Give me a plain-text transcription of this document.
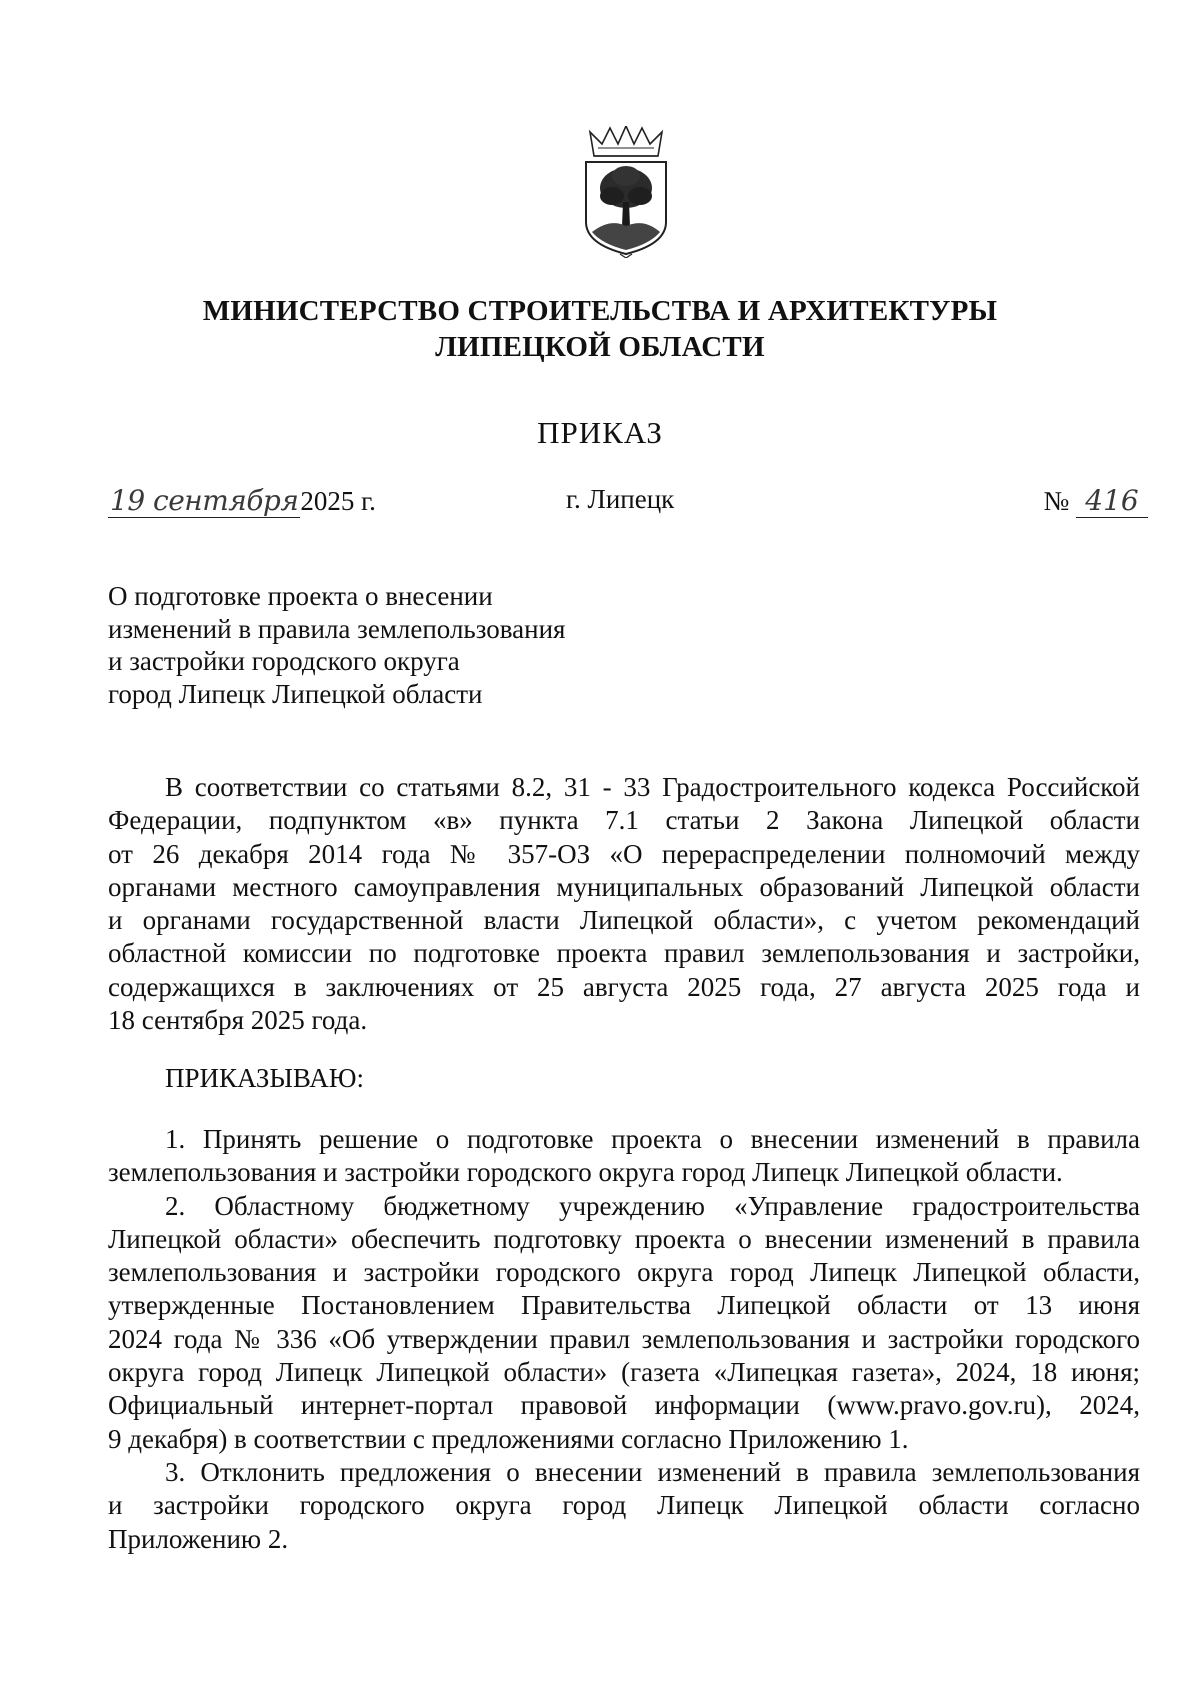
МИНИСТЕРСТВО СТРОИТЕЛЬСТВА И АРХИТЕКТУРЫ
ЛИПЕЦКОЙ ОБЛАСТИ
ПРИКАЗ
19 сентября2025 г.	г. Липецк	№ 416
О подготовке проекта о внесении
изменений в правила землепользования
и застройки городского округа
город Липецк Липецкой области
В соответствии со статьями 8.2, 31 - 33 Градостроительного кодекса Российской
Федерации, подпунктом «в» пункта 7.1 статьи 2 Закона Липецкой области
от 26 декабря 2014 года № 357-ОЗ «О перераспределении полномочий между
органами местного самоуправления муниципальных образований Липецкой области
и органами государственной власти Липецкой области», с учетом рекомендаций
областной комиссии по подготовке проекта правил землепользования и застройки,
содержащихся в заключениях от 25 августа 2025 года, 27 августа 2025 года и
18 сентября 2025 года.
ПРИКАЗЫВАЮ:
1. Принять решение о подготовке проекта о внесении изменений в правила
землепользования и застройки городского округа город Липецк Липецкой области.
2. Областному бюджетному учреждению «Управление градостроительства
Липецкой области» обеспечить подготовку проекта о внесении изменений в правила
землепользования и застройки городского округа город Липецк Липецкой области,
утвержденные Постановлением Правительства Липецкой области от 13 июня
2024 года № 336 «Об утверждении правил землепользования и застройки городского
округа город Липецк Липецкой области» (газета «Липецкая газета», 2024, 18 июня;
Официальный интернет-портал правовой информации (www.pravo.gov.ru), 2024,
9 декабря) в соответствии с предложениями согласно Приложению 1.
3. Отклонить предложения о внесении изменений в правила землепользования
и застройки городского округа город Липецк Липецкой области согласно
Приложению 2.
